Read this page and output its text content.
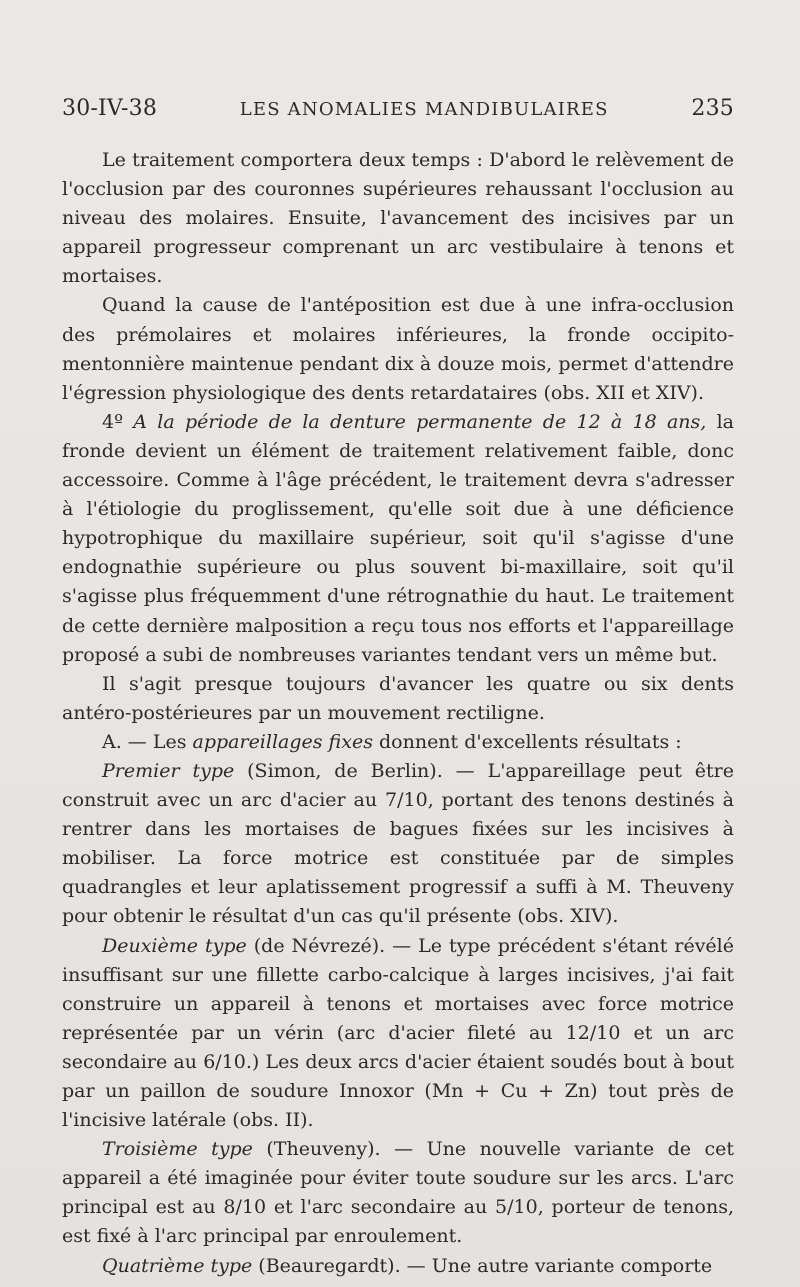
30-IV-38	LES ANOMALIES MANDIBULAIRES	235

Le traitement comportera deux temps : D'abord le relèvement de l'occlusion par des couronnes supérieures rehaussant l'occlusion au niveau des molaires. Ensuite, l'avancement des incisives par un appareil progresseur comprenant un arc vestibulaire à tenons et mortaises.

Quand la cause de l'antéposition est due à une infra-occlusion des prémolaires et molaires inférieures, la fronde occipito-mentonnière maintenue pendant dix à douze mois, permet d'attendre l'égression physiologique des dents retardataires (obs. XII et XIV).

4º A la période de la denture permanente de 12 à 18 ans, la fronde devient un élément de traitement relativement faible, donc accessoire. Comme à l'âge précédent, le traitement devra s'adresser à l'étiologie du proglissement, qu'elle soit due à une déficience hypotrophique du maxillaire supérieur, soit qu'il s'agisse d'une endognathie supérieure ou plus souvent bi-maxillaire, soit qu'il s'agisse plus fréquemment d'une rétrognathie du haut. Le traitement de cette dernière malposition a reçu tous nos efforts et l'appareillage proposé a subi de nombreuses variantes tendant vers un même but.

Il s'agit presque toujours d'avancer les quatre ou six dents antéro-postérieures par un mouvement rectiligne.

A. — Les appareillages fixes donnent d'excellents résultats :

Premier type (Simon, de Berlin). — L'appareillage peut être construit avec un arc d'acier au 7/10, portant des tenons destinés à rentrer dans les mortaises de bagues fixées sur les incisives à mobiliser. La force motrice est constituée par de simples quadrangles et leur aplatissement progressif a suffi à M. Theuveny pour obtenir le résultat d'un cas qu'il présente (obs. XIV).

Deuxième type (de Névrezé). — Le type précédent s'étant révélé insuffisant sur une fillette carbo-calcique à larges incisives, j'ai fait construire un appareil à tenons et mortaises avec force motrice représentée par un vérin (arc d'acier fileté au 12/10 et un arc secondaire au 6/10.) Les deux arcs d'acier étaient soudés bout à bout par un paillon de soudure Innoxor (Mn + Cu + Zn) tout près de l'incisive latérale (obs. II).

Troisième type (Theuveny). — Une nouvelle variante de cet appareil a été imaginée pour éviter toute soudure sur les arcs. L'arc principal est au 8/10 et l'arc secondaire au 5/10, porteur de tenons, est fixé à l'arc principal par enroulement.

Quatrième type (Beauregardt). — Une autre variante comporte
